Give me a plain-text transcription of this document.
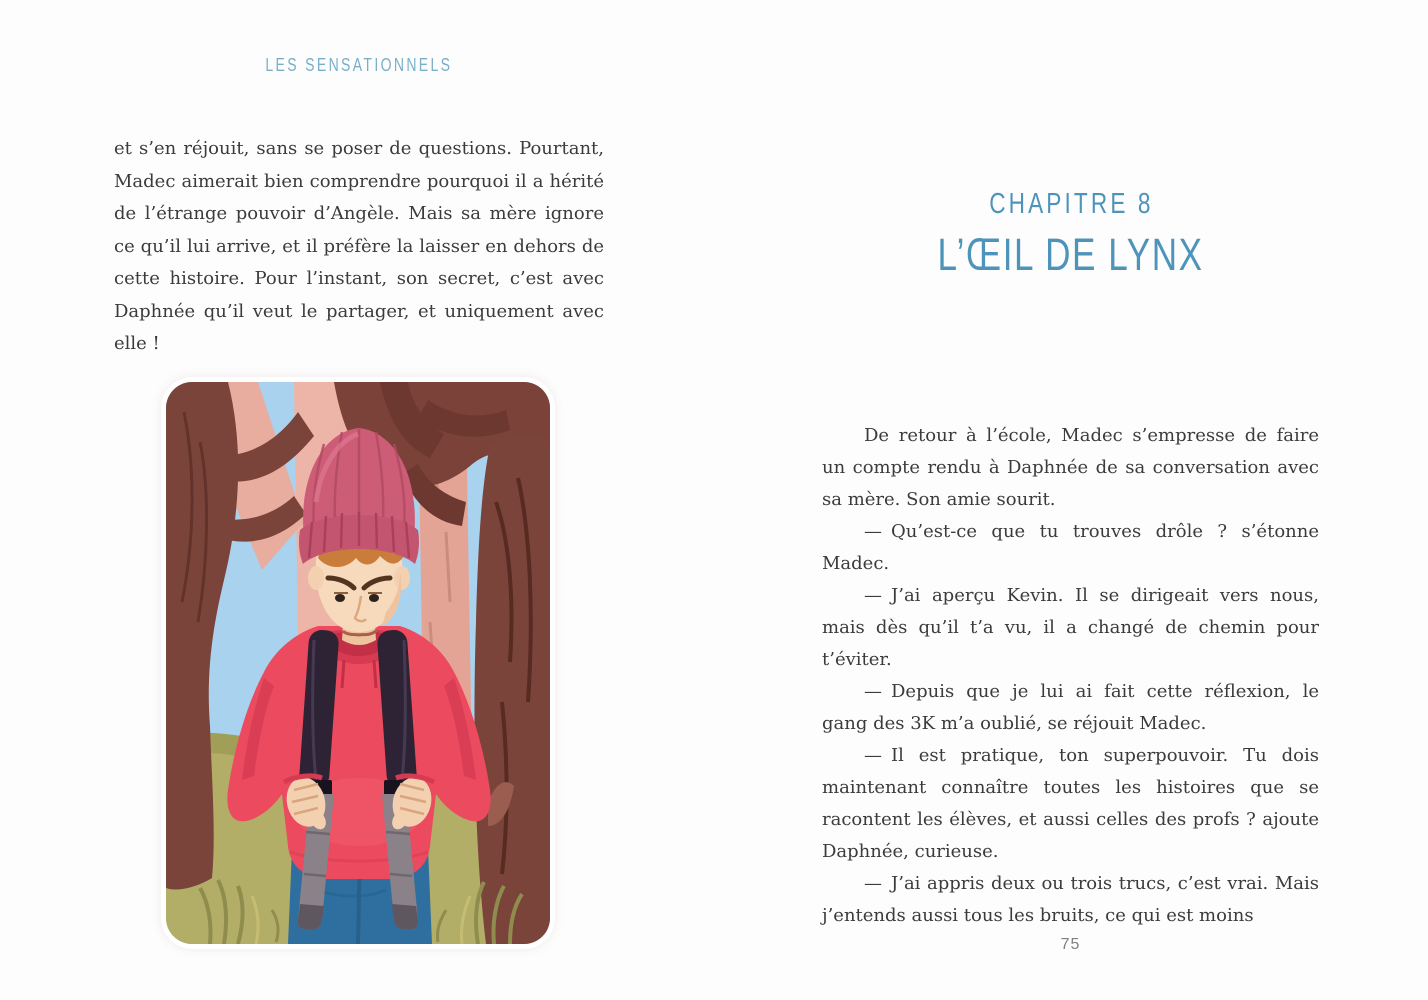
LES SENSATIONNELS

et s’en réjouit, sans se poser de questions. Pourtant, Madec aimerait bien comprendre pourquoi il a hérité de l’étrange pouvoir d’Angèle. Mais sa mère ignore ce qu’il lui arrive, et il préfère la laisser en dehors de cette histoire. Pour l’instant, son secret, c’est avec Daphnée qu’il veut le partager, et uniquement avec elle !

CHAPITRE 8
L’ŒIL DE LYNX

De retour à l’école, Madec s’empresse de faire un compte rendu à Daphnée de sa conversation avec sa mère. Son amie sourit.

— Qu’est-ce que tu trouves drôle ? s’étonne Madec.

— J’ai aperçu Kevin. Il se dirigeait vers nous, mais dès qu’il t’a vu, il a changé de chemin pour t’éviter.

— Depuis que je lui ai fait cette réflexion, le gang des 3K m’a oublié, se réjouit Madec.

— Il est pratique, ton superpouvoir. Tu dois maintenant connaître toutes les histoires que se racontent les élèves, et aussi celles des profs ? ajoute Daphnée, curieuse.

— J’ai appris deux ou trois trucs, c’est vrai. Mais j’entends aussi tous les bruits, ce qui est moins

75
